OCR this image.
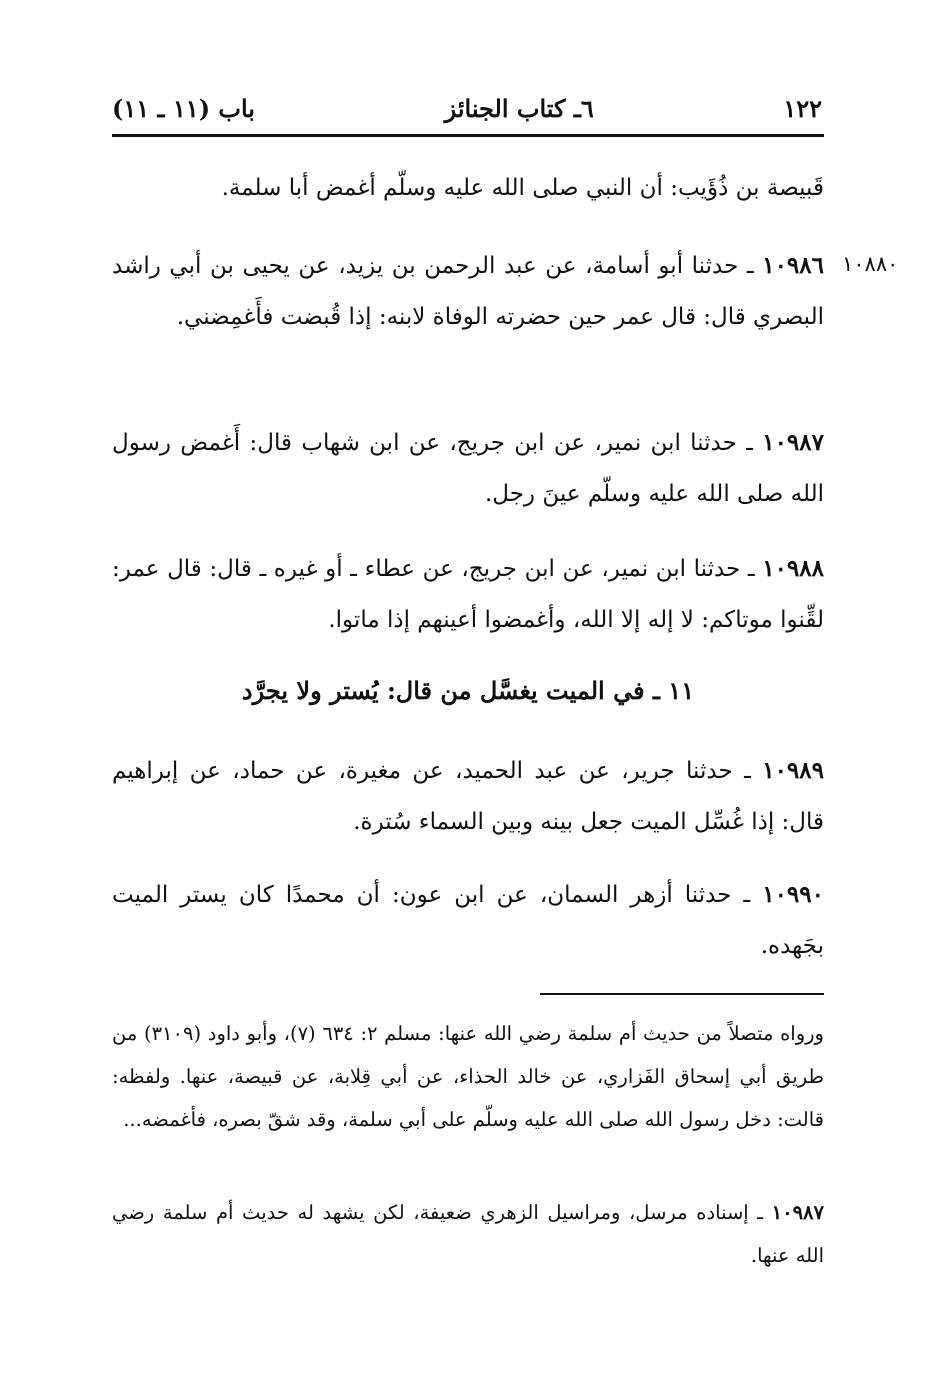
١٢٢
٦ـ كتاب الجنائز
باب (١١ ـ ١١)
قَبيصة بن ذُؤَيب: أن النبي صلى الله عليه وسلّم أغمض أبا سلمة.
١٠٨٨٠
١٠٩٨٦ ـ حدثنا أبو أسامة، عن عبد الرحمن بن يزيد، عن يحيى بن أبي راشد البصري قال: قال عمر حين حضرته الوفاة لابنه: إذا قُبضت فأَغمِضني.
١٠٩٨٧ ـ حدثنا ابن نمير، عن ابن جريج، عن ابن شهاب قال: أَغمض رسول الله صلى الله عليه وسلّم عينَ رجل.
١٠٩٨٨ ـ حدثنا ابن نمير، عن ابن جريج، عن عطاء ـ أو غيره ـ قال: قال عمر: لقِّنوا موتاكم: لا إله إلا الله، وأغمضوا أعينهم إذا ماتوا.
١١ ـ في الميت يغسَّل من قال: يُستر ولا يجرَّد
١٠٩٨٩ ـ حدثنا جرير، عن عبد الحميد، عن مغيرة، عن حماد، عن إبراهيم قال: إذا غُسِّل الميت جعل بينه وبين السماء سُترة.
١٠٩٩٠ ـ حدثنا أزهر السمان، عن ابن عون: أن محمدًا كان يستر الميت بجَهده.
ورواه متصلاً من حديث أم سلمة رضي الله عنها: مسلم ٢: ٦٣٤ (٧)، وأبو داود (٣١٠٩) من طريق أبي إسحاق الفَزاري، عن خالد الحذاء، عن أبي قِلابة، عن قبيصة، عنها. ولفظه: قالت: دخل رسول الله صلى الله عليه وسلّم على أبي سلمة، وقد شقّ بصره، فأغمضه...
١٠٩٨٧ ـ إسناده مرسل، ومراسيل الزهري ضعيفة، لكن يشهد له حديث أم سلمة رضي الله عنها.
